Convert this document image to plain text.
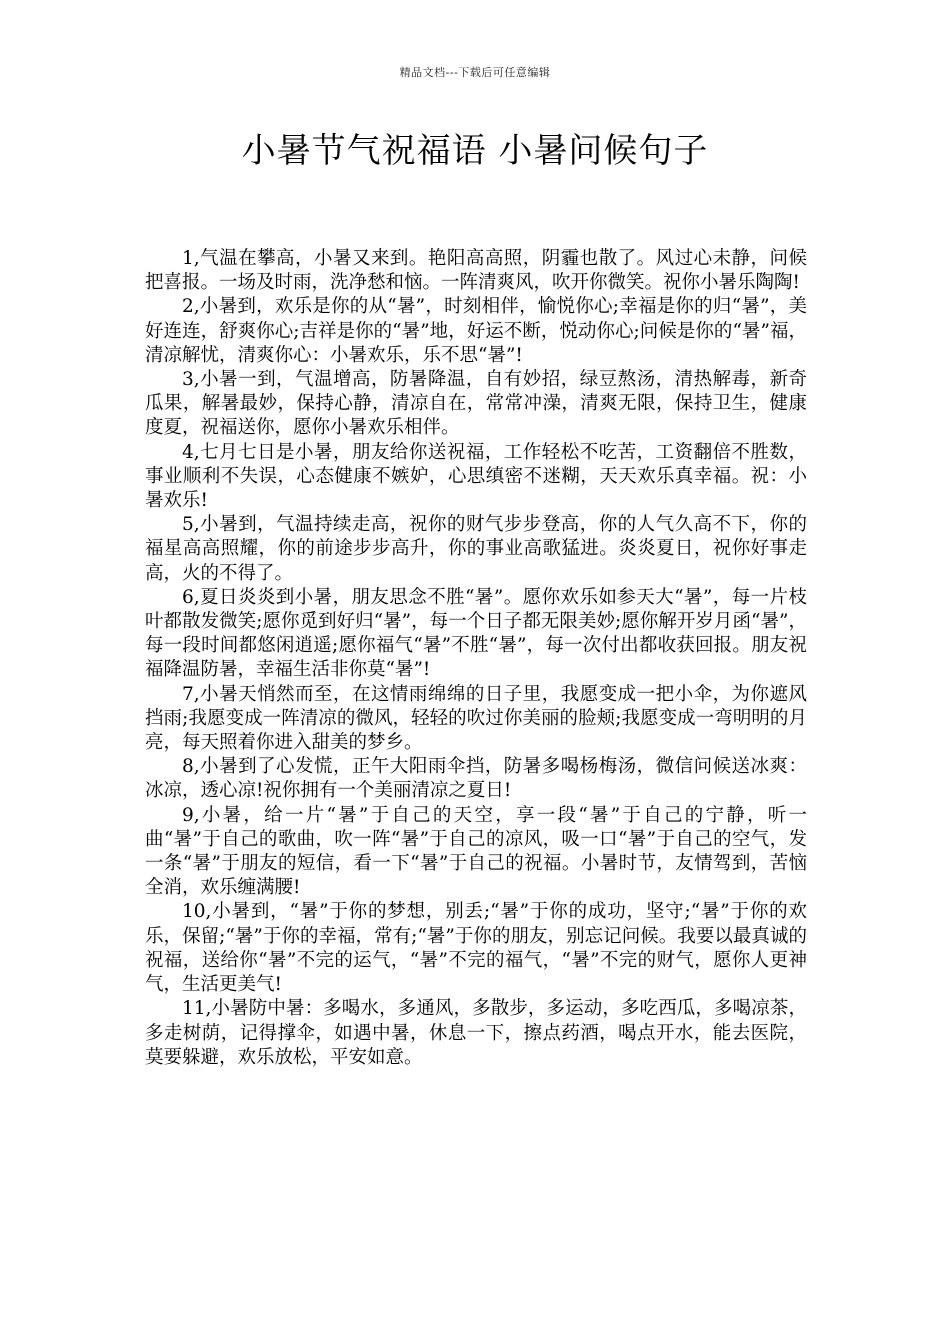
精品文档---下载后可任意编辑
小暑节气祝福语 小暑问候句子

1,气温在攀高，小暑又来到。艳阳高高照，阴霾也散了。风过心未静，问候把喜报。一场及时雨，洗净愁和恼。一阵清爽风，吹开你微笑。祝你小暑乐陶陶!

2,小暑到，欢乐是你的从“暑”，时刻相伴，愉悦你心;幸福是你的归“暑”，美好连连，舒爽你心;吉祥是你的“暑”地，好运不断，悦动你心;问候是你的“暑”福，清凉解忧，清爽你心：小暑欢乐，乐不思“暑”!

3,小暑一到，气温增高，防暑降温，自有妙招，绿豆熬汤，清热解毒，新奇瓜果，解暑最妙，保持心静，清凉自在，常常冲澡，清爽无限，保持卫生，健康度夏，祝福送你，愿你小暑欢乐相伴。

4,七月七日是小暑，朋友给你送祝福，工作轻松不吃苦，工资翻倍不胜数，事业顺利不失误，心态健康不嫉妒，心思缜密不迷糊，天天欢乐真幸福。祝：小暑欢乐!

5,小暑到，气温持续走高，祝你的财气步步登高，你的人气久高不下，你的福星高高照耀，你的前途步步高升，你的事业高歌猛进。炎炎夏日，祝你好事走高，火的不得了。

6,夏日炎炎到小暑，朋友思念不胜“暑”。愿你欢乐如参天大“暑”，每一片枝叶都散发微笑;愿你觅到好归“暑”，每一个日子都无限美妙;愿你解开岁月函“暑”，每一段时间都悠闲逍遥;愿你福气“暑”不胜“暑”，每一次付出都收获回报。朋友祝福降温防暑，幸福生活非你莫“暑”!

7,小暑天悄然而至，在这情雨绵绵的日子里，我愿变成一把小伞，为你遮风挡雨;我愿变成一阵清凉的微风，轻轻的吹过你美丽的脸颊;我愿变成一弯明明的月亮，每天照着你进入甜美的梦乡。

8,小暑到了心发慌，正午大阳雨伞挡，防暑多喝杨梅汤，微信问候送冰爽：冰凉，透心凉!祝你拥有一个美丽清凉之夏日!

9,小暑，给一片“暑”于自己的天空，享一段“暑”于自己的宁静，听一曲“暑”于自己的歌曲，吹一阵“暑”于自己的凉风，吸一口“暑”于自己的空气，发一条“暑”于朋友的短信，看一下“暑”于自己的祝福。小暑时节，友情驾到，苦恼全消，欢乐缠满腰!

10,小暑到，“暑”于你的梦想，别丢;“暑”于你的成功，坚守;“暑”于你的欢乐，保留;“暑”于你的幸福，常有;“暑”于你的朋友，别忘记问候。我要以最真诚的祝福，送给你“暑”不完的运气，“暑”不完的福气，“暑”不完的财气，愿你人更神气，生活更美气!

11,小暑防中暑：多喝水，多通风，多散步，多运动，多吃西瓜，多喝凉茶，多走树荫，记得撑伞，如遇中暑，休息一下，擦点药酒，喝点开水，能去医院，莫要躲避，欢乐放松，平安如意。
